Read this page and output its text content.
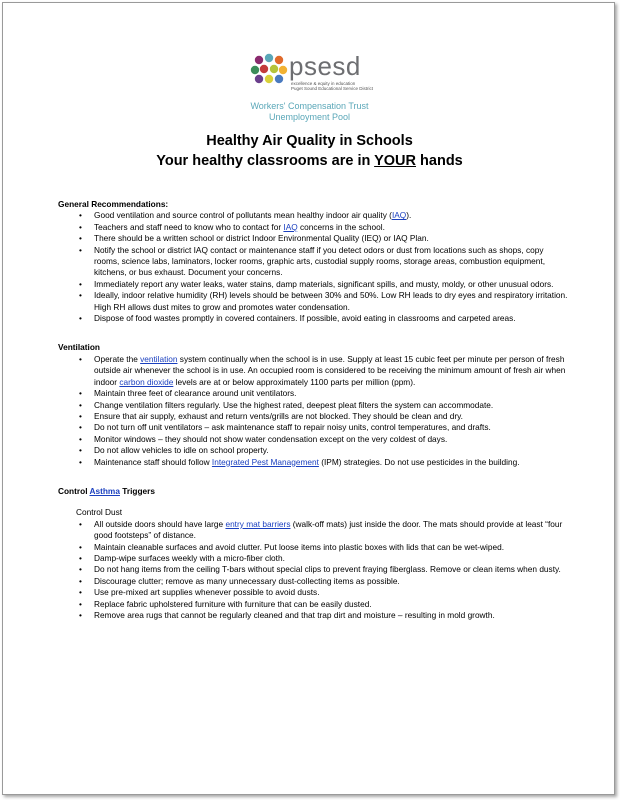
psesd
excellence & equity in education
Puget Sound Educational Service District
Workers' Compensation Trust
Unemployment Pool
Healthy Air Quality in Schools
Your healthy classrooms are in YOUR hands
General Recommendations:
• Good ventilation and source control of pollutants mean healthy indoor air quality (IAQ).
• Teachers and staff need to know who to contact for IAQ concerns in the school.
• There should be a written school or district Indoor Environmental Quality (IEQ) or IAQ Plan.
• Notify the school or district IAQ contact or maintenance staff if you detect odors or dust from locations such as shops, copy rooms, science labs, laminators, locker rooms, graphic arts, custodial supply rooms, storage areas, combustion equipment, kitchens, or bus exhaust. Document your concerns.
• Immediately report any water leaks, water stains, damp materials, significant spills, and musty, moldy, or other unusual odors.
• Ideally, indoor relative humidity (RH) levels should be between 30% and 50%. Low RH leads to dry eyes and respiratory irritation. High RH allows dust mites to grow and promotes water condensation.
• Dispose of food wastes promptly in covered containers. If possible, avoid eating in classrooms and carpeted areas.
Ventilation
• Operate the ventilation system continually when the school is in use. Supply at least 15 cubic feet per minute per person of fresh outside air whenever the school is in use. An occupied room is considered to be receiving the minimum amount of fresh air when indoor carbon dioxide levels are at or below approximately 1100 parts per million (ppm).
• Maintain three feet of clearance around unit ventilators.
• Change ventilation filters regularly. Use the highest rated, deepest pleat filters the system can accommodate.
• Ensure that air supply, exhaust and return vents/grills are not blocked. They should be clean and dry.
• Do not turn off unit ventilators – ask maintenance staff to repair noisy units, control temperatures, and drafts.
• Monitor windows – they should not show water condensation except on the very coldest of days.
• Do not allow vehicles to idle on school property.
• Maintenance staff should follow Integrated Pest Management (IPM) strategies. Do not use pesticides in the building.
Control Asthma Triggers
Control Dust
• All outside doors should have large entry mat barriers (walk-off mats) just inside the door. The mats should provide at least “four good footsteps” of distance.
• Maintain cleanable surfaces and avoid clutter. Put loose items into plastic boxes with lids that can be wet-wiped.
• Damp-wipe surfaces weekly with a micro-fiber cloth.
• Do not hang items from the ceiling T-bars without special clips to prevent fraying fiberglass. Remove or clean items when dusty.
• Discourage clutter; remove as many unnecessary dust-collecting items as possible.
• Use pre-mixed art supplies whenever possible to avoid dusts.
• Replace fabric upholstered furniture with furniture that can be easily dusted.
• Remove area rugs that cannot be regularly cleaned and that trap dirt and moisture – resulting in mold growth.
